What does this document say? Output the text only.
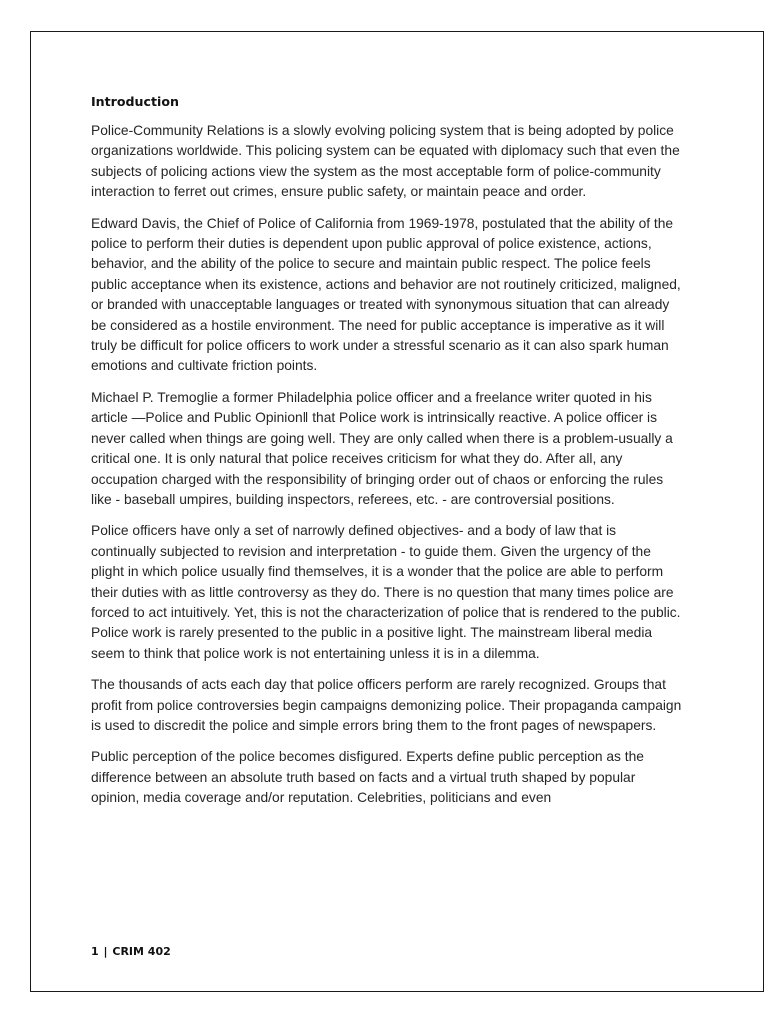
Introduction

Police-Community Relations is a slowly evolving policing system that is being adopted by police organizations worldwide. This policing system can be equated with diplomacy such that even the subjects of policing actions view the system as the most acceptable form of police-community interaction to ferret out crimes, ensure public safety, or maintain peace and order.

Edward Davis, the Chief of Police of California from 1969-1978, postulated that the ability of the police to perform their duties is dependent upon public approval of police existence, actions, behavior, and the ability of the police to secure and maintain public respect. The police feels public acceptance when its existence, actions and behavior are not routinely criticized, maligned, or branded with unacceptable languages or treated with synonymous situation that can already be considered as a hostile environment. The need for public acceptance is imperative as it will truly be difficult for police officers to work under a stressful scenario as it can also spark human emotions and cultivate friction points.

Michael P. Tremoglie a former Philadelphia police officer and a freelance writer quoted in his article —Police and Public Opinion‖ that Police work is intrinsically reactive. A police officer is never called when things are going well. They are only called when there is a problem-usually a critical one. It is only natural that police receives criticism for what they do. After all, any occupation charged with the responsibility of bringing order out of chaos or enforcing the rules like - baseball umpires, building inspectors, referees, etc. - are controversial positions.

Police officers have only a set of narrowly defined objectives- and a body of law that is continually subjected to revision and interpretation - to guide them. Given the urgency of the plight in which police usually find themselves, it is a wonder that the police are able to perform their duties with as little controversy as they do. There is no question that many times police are forced to act intuitively. Yet, this is not the characterization of police that is rendered to the public. Police work is rarely presented to the public in a positive light. The mainstream liberal media seem to think that police work is not entertaining unless it is in a dilemma.

The thousands of acts each day that police officers perform are rarely recognized. Groups that profit from police controversies begin campaigns demonizing police. Their propaganda campaign is used to discredit the police and simple errors bring them to the front pages of newspapers.

Public perception of the police becomes disfigured. Experts define public perception as the difference between an absolute truth based on facts and a virtual truth shaped by popular opinion, media coverage and/or reputation. Celebrities, politicians and even

1 | CRIM 402
